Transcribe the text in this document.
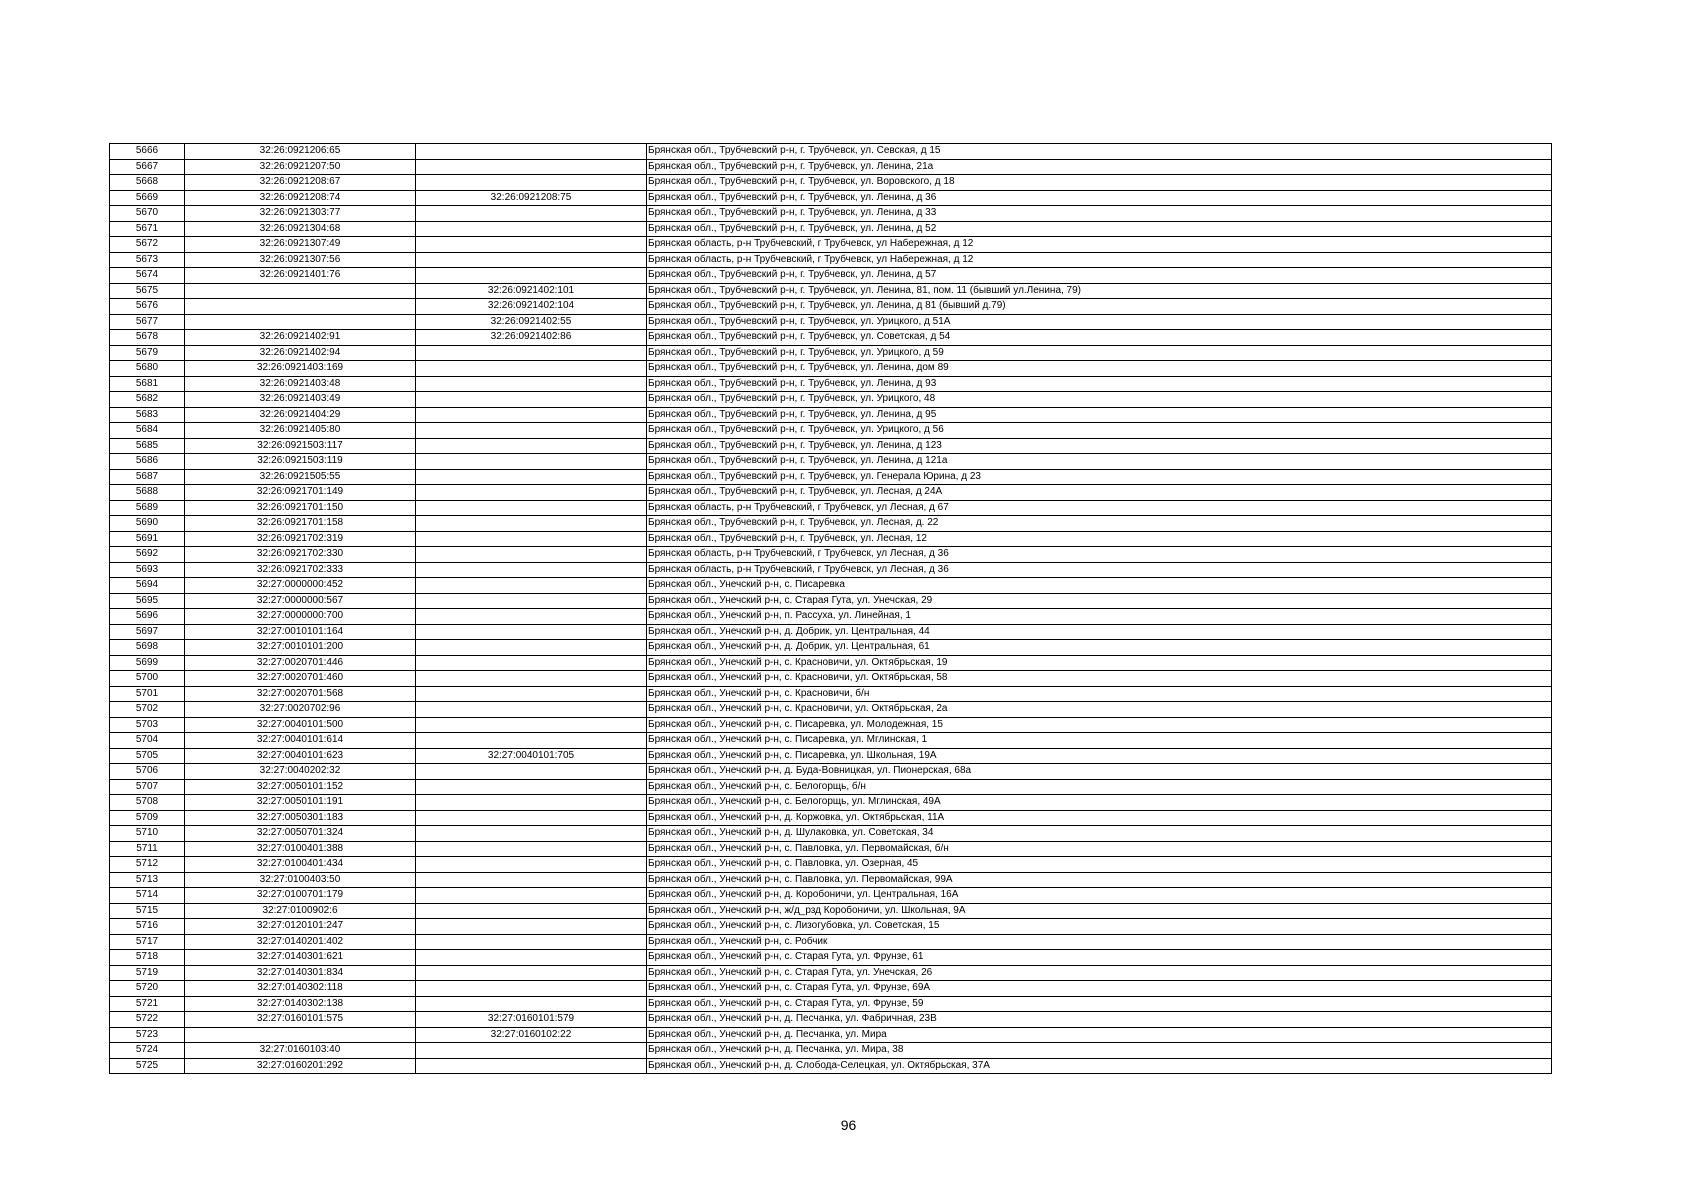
5666	32:26:0921206:65		Брянская обл., Трубчевский р-н, г. Трубчевск, ул. Севская, д 15
5667	32:26:0921207:50		Брянская обл., Трубчевский р-н, г. Трубчевск, ул. Ленина, 21а
5668	32:26:0921208:67		Брянская обл., Трубчевский р-н, г. Трубчевск, ул. Воровского, д 18
5669	32:26:0921208:74	32:26:0921208:75	Брянская обл., Трубчевский р-н, г. Трубчевск, ул. Ленина, д 36
5670	32:26:0921303:77		Брянская обл., Трубчевский р-н, г. Трубчевск, ул. Ленина, д 33
5671	32:26:0921304:68		Брянская обл., Трубчевский р-н, г. Трубчевск, ул. Ленина, д 52
5672	32:26:0921307:49		Брянская область, р-н Трубчевский, г Трубчевск, ул Набережная, д 12
5673	32:26:0921307:56		Брянская область, р-н Трубчевский, г Трубчевск, ул Набережная, д 12
5674	32:26:0921401:76		Брянская обл., Трубчевский р-н, г. Трубчевск, ул. Ленина, д 57
5675		32:26:0921402:101	Брянская обл., Трубчевский р-н, г. Трубчевск, ул. Ленина, 81, пом. 11 (бывший ул.Ленина, 79)
5676		32:26:0921402:104	Брянская обл., Трубчевский р-н, г. Трубчевск, ул. Ленина, д 81 (бывший д.79)
5677		32:26:0921402:55	Брянская обл., Трубчевский р-н, г. Трубчевск, ул. Урицкого, д 51А
5678	32:26:0921402:91	32:26:0921402:86	Брянская обл., Трубчевский р-н, г. Трубчевск, ул. Советская, д 54
5679	32:26:0921402:94		Брянская обл., Трубчевский р-н, г. Трубчевск, ул. Урицкого, д 59
5680	32:26:0921403:169		Брянская обл., Трубчевский р-н, г. Трубчевск, ул. Ленина, дом 89
5681	32:26:0921403:48		Брянская обл., Трубчевский р-н, г. Трубчевск, ул. Ленина, д 93
5682	32:26:0921403:49		Брянская обл., Трубчевский р-н, г. Трубчевск, ул. Урицкого, 48
5683	32:26:0921404:29		Брянская обл., Трубчевский р-н, г. Трубчевск, ул. Ленина, д 95
5684	32:26:0921405:80		Брянская обл., Трубчевский р-н, г. Трубчевск, ул. Урицкого, д 56
5685	32:26:0921503:117		Брянская обл., Трубчевский р-н, г. Трубчевск, ул. Ленина, д 123
5686	32:26:0921503:119		Брянская обл., Трубчевский р-н, г. Трубчевск, ул. Ленина, д 121а
5687	32:26:0921505:55		Брянская обл., Трубчевский р-н, г. Трубчевск, ул. Генерала Юрина, д 23
5688	32:26:0921701:149		Брянская обл., Трубчевский р-н, г. Трубчевск, ул. Лесная, д 24А
5689	32:26:0921701:150		Брянская область, р-н Трубчевский, г Трубчевск, ул Лесная, д 67
5690	32:26:0921701:158		Брянская обл., Трубчевский р-н, г. Трубчевск, ул. Лесная, д. 22
5691	32:26:0921702:319		Брянская обл., Трубчевский р-н, г. Трубчевск, ул. Лесная, 12
5692	32:26:0921702:330		Брянская область, р-н Трубчевский, г Трубчевск, ул Лесная, д 36
5693	32:26:0921702:333		Брянская область, р-н Трубчевский, г Трубчевск, ул Лесная, д 36
5694	32:27:0000000:452		Брянская обл., Унечский р-н, с. Писаревка
5695	32:27:0000000:567		Брянская обл., Унечский р-н, с. Старая Гута, ул. Унечская, 29
5696	32:27:0000000:700		Брянская обл., Унечский р-н, п. Рассуха, ул. Линейная, 1
5697	32:27:0010101:164		Брянская обл., Унечский р-н, д. Добрик, ул. Центральная, 44
5698	32:27:0010101:200		Брянская обл., Унечский р-н, д. Добрик, ул. Центральная, 61
5699	32:27:0020701:446		Брянская обл., Унечский р-н, с. Красновичи, ул. Октябрьская, 19
5700	32:27:0020701:460		Брянская обл., Унечский р-н, с. Красновичи, ул. Октябрьская, 58
5701	32:27:0020701:568		Брянская обл., Унечский р-н, с. Красновичи, б/н
5702	32:27:0020702:96		Брянская обл., Унечский р-н, с. Красновичи, ул. Октябрьская, 2а
5703	32:27:0040101:500		Брянская обл., Унечский р-н, с. Писаревка, ул. Молодежная, 15
5704	32:27:0040101:614		Брянская обл., Унечский р-н, с. Писаревка, ул. Мглинская, 1
5705	32:27:0040101:623	32:27:0040101:705	Брянская обл., Унечский р-н, с. Писаревка, ул. Школьная, 19А
5706	32:27:0040202:32		Брянская обл., Унечский р-н, д. Буда-Вовницкая, ул. Пионерская, 68а
5707	32:27:0050101:152		Брянская обл., Унечский р-н, с. Белогорщь, б/н
5708	32:27:0050101:191		Брянская обл., Унечский р-н, с. Белогорщь, ул. Мглинская, 49А
5709	32:27:0050301:183		Брянская обл., Унечский р-н, д. Коржовка, ул. Октябрьская, 11А
5710	32:27:0050701:324		Брянская обл., Унечский р-н, д. Шулаковка, ул. Советская, 34
5711	32:27:0100401:388		Брянская обл., Унечский р-н, с. Павловка, ул. Первомайская, б/н
5712	32:27:0100401:434		Брянская обл., Унечский р-н, с. Павловка, ул. Озерная, 45
5713	32:27:0100403:50		Брянская обл., Унечский р-н, с. Павловка, ул. Первомайская, 99А
5714	32:27:0100701:179		Брянская обл., Унечский р-н, д. Коробоничи, ул. Центральная, 16А
5715	32:27:0100902:6		Брянская обл., Унечский р-н, ж/д_рзд Коробоничи, ул. Школьная, 9А
5716	32:27:0120101:247		Брянская обл., Унечский р-н, с. Лизогубовка, ул. Советская, 15
5717	32:27:0140201:402		Брянская обл., Унечский р-н, с. Робчик
5718	32:27:0140301:621		Брянская обл., Унечский р-н, с. Старая Гута, ул. Фрунзе, 61
5719	32:27:0140301:834		Брянская обл., Унечский р-н, с. Старая Гута, ул. Унечская, 26
5720	32:27:0140302:118		Брянская обл., Унечский р-н, с. Старая Гута, ул. Фрунзе, 69А
5721	32:27:0140302:138		Брянская обл., Унечский р-н, с. Старая Гута, ул. Фрунзе, 59
5722	32:27:0160101:575	32:27:0160101:579	Брянская обл., Унечский р-н, д. Песчанка, ул. Фабричная, 23В
5723		32:27:0160102:22	Брянская обл., Унечский р-н, д. Песчанка, ул. Мира
5724	32:27:0160103:40		Брянская обл., Унечский р-н, д. Песчанка, ул. Мира, 38
5725	32:27:0160201:292		Брянская обл., Унечский р-н, д. Слобода-Селецкая, ул. Октябрьская, 37А
96
